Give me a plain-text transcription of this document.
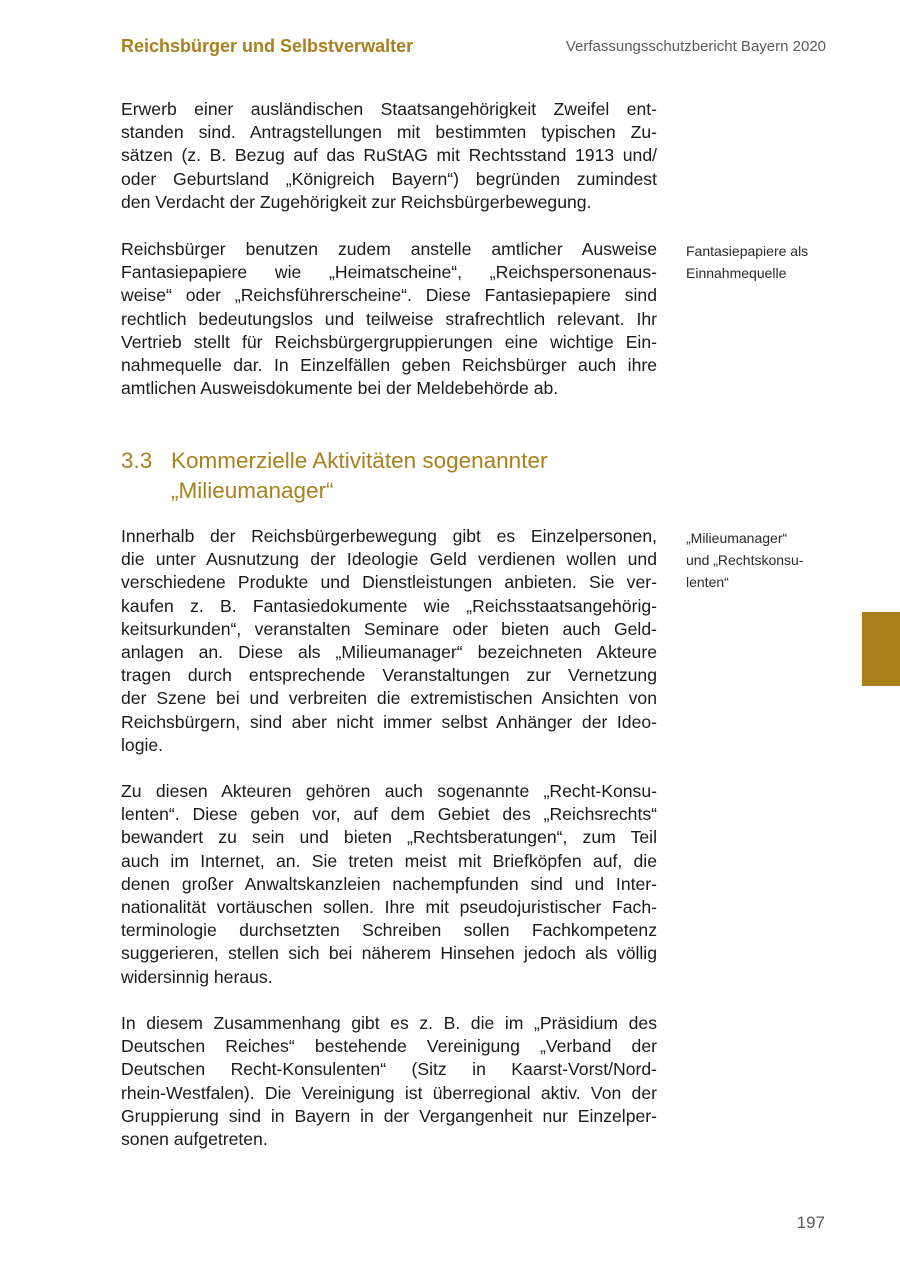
Reichsbürger und Selbstverwalter	Verfassungsschutzbericht Bayern 2020
Erwerb einer ausländischen Staatsangehörigkeit Zweifel ent-
standen sind. Antragstellungen mit bestimmten typischen Zu-
sätzen (z. B. Bezug auf das RuStAG mit Rechtsstand 1913 und/
oder Geburtsland „Königreich Bayern“) begründen zumindest
den Verdacht der Zugehörigkeit zur Reichsbürgerbewegung.
Reichsbürger benutzen zudem anstelle amtlicher Ausweise
Fantasiepapiere wie „Heimatscheine“, „Reichspersonenaus-
weise“ oder „Reichsführerscheine“. Diese Fantasiepapiere sind
rechtlich bedeutungslos und teilweise strafrechtlich relevant. Ihr
Vertrieb stellt für Reichsbürgergruppierungen eine wichtige Ein-
nahmequelle dar. In Einzelfällen geben Reichsbürger auch ihre
amtlichen Ausweisdokumente bei der Meldebehörde ab.
Fantasiepapiere als
Einnahmequelle
3.3 Kommerzielle Aktivitäten sogenannter
„Milieumanager“
Innerhalb der Reichsbürgerbewegung gibt es Einzelpersonen,
die unter Ausnutzung der Ideologie Geld verdienen wollen und
verschiedene Produkte und Dienstleistungen anbieten. Sie ver-
kaufen z. B. Fantasiedokumente wie „Reichsstaatsangehörig-
keitsurkunden“, veranstalten Seminare oder bieten auch Geld-
anlagen an. Diese als „Milieumanager“ bezeichneten Akteure
tragen durch entsprechende Veranstaltungen zur Vernetzung
der Szene bei und verbreiten die extremistischen Ansichten von
Reichsbürgern, sind aber nicht immer selbst Anhänger der Ideo-
logie.
„Milieumanager“
und „Rechtskonsu-
lenten“
Zu diesen Akteuren gehören auch sogenannte „Recht-Konsu-
lenten“. Diese geben vor, auf dem Gebiet des „Reichsrechts“
bewandert zu sein und bieten „Rechtsberatungen“, zum Teil
auch im Internet, an. Sie treten meist mit Briefköpfen auf, die
denen großer Anwaltskanzleien nachempfunden sind und Inter-
nationalität vortäuschen sollen. Ihre mit pseudojuristischer Fach-
terminologie durchsetzten Schreiben sollen Fachkompetenz
suggerieren, stellen sich bei näherem Hinsehen jedoch als völlig
widersinnig heraus.
In diesem Zusammenhang gibt es z. B. die im „Präsidium des
Deutschen Reiches“ bestehende Vereinigung „Verband der
Deutschen Recht-Konsulenten“ (Sitz in Kaarst-Vorst/Nord-
rhein-Westfalen). Die Vereinigung ist überregional aktiv. Von der
Gruppierung sind in Bayern in der Vergangenheit nur Einzelper-
sonen aufgetreten.
197
